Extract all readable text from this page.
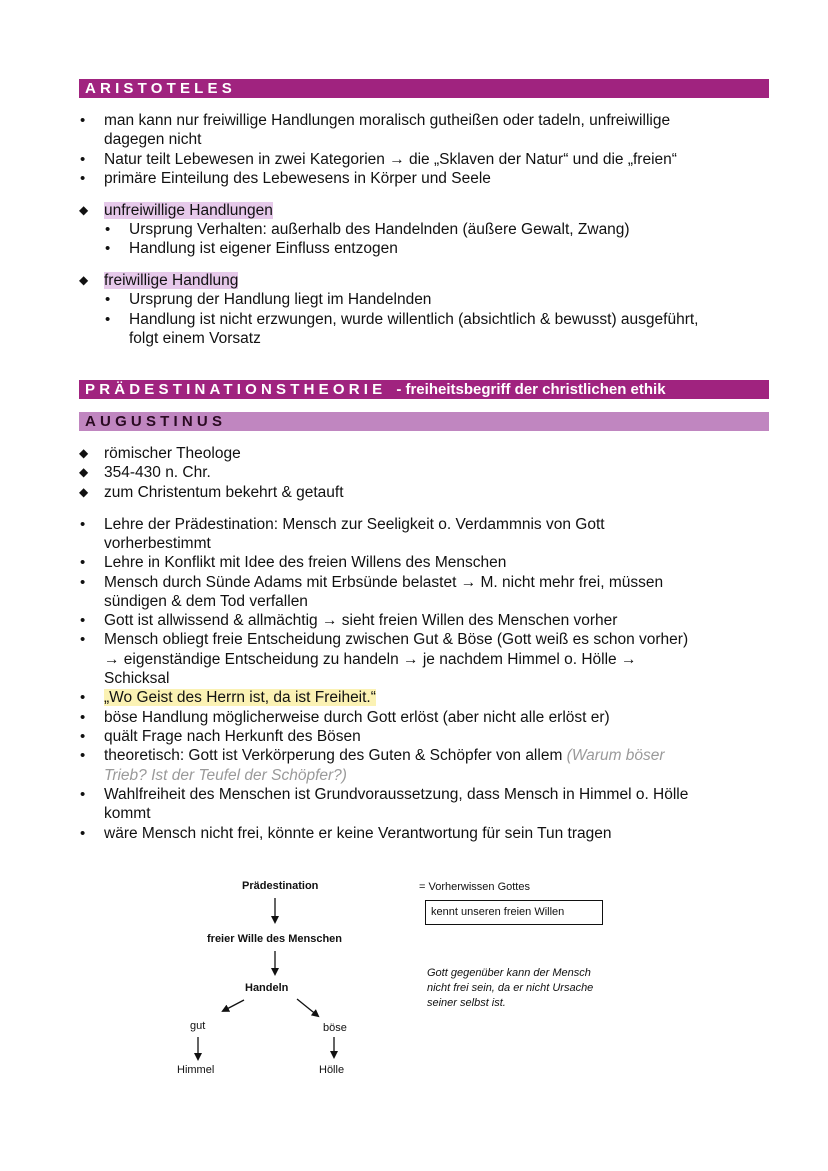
ARISTOTELES
• man kann nur freiwillige Handlungen moralisch gutheißen oder tadeln, unfreiwillige
dagegen nicht
• Natur teilt Lebewesen in zwei Kategorien → die „Sklaven der Natur“ und die „freien“
• primäre Einteilung des Lebewesens in Körper und Seele
◆ unfreiwillige Handlungen
• Ursprung Verhalten: außerhalb des Handelnden (äußere Gewalt, Zwang)
• Handlung ist eigener Einfluss entzogen
◆ freiwillige Handlung
• Ursprung der Handlung liegt im Handelnden
• Handlung ist nicht erzwungen, wurde willentlich (absichtlich & bewusst) ausgeführt,
folgt einem Vorsatz
PRÄDESTINATIONSTHEORIE - freiheitsbegriff der christlichen ethik
AUGUSTINUS
◆ römischer Theologe
◆ 354-430 n. Chr.
◆ zum Christentum bekehrt & getauft
• Lehre der Prädestination: Mensch zur Seeligkeit o. Verdammnis von Gott
vorherbestimmt
• Lehre in Konflikt mit Idee des freien Willens des Menschen
• Mensch durch Sünde Adams mit Erbsünde belastet → M. nicht mehr frei, müssen
sündigen & dem Tod verfallen
• Gott ist allwissend & allmächtig → sieht freien Willen des Menschen vorher
• Mensch obliegt freie Entscheidung zwischen Gut & Böse (Gott weiß es schon vorher)
→ eigenständige Entscheidung zu handeln → je nachdem Himmel o. Hölle →
Schicksal
• „Wo Geist des Herrn ist, da ist Freiheit.“
• böse Handlung möglicherweise durch Gott erlöst (aber nicht alle erlöst er)
• quält Frage nach Herkunft des Bösen
• theoretisch: Gott ist Verkörperung des Guten & Schöpfer von allem (Warum böser
Trieb? Ist der Teufel der Schöpfer?)
• Wahlfreiheit des Menschen ist Grundvoraussetzung, dass Mensch in Himmel o. Hölle
kommt
• wäre Mensch nicht frei, könnte er keine Verantwortung für sein Tun tragen
Prädestination
freier Wille des Menschen
Handeln
gut	böse
Himmel	Hölle
= Vorherwissen Gottes
kennt unseren freien Willen
Gott gegenüber kann der Mensch
nicht frei sein, da er nicht Ursache
seiner selbst ist.
